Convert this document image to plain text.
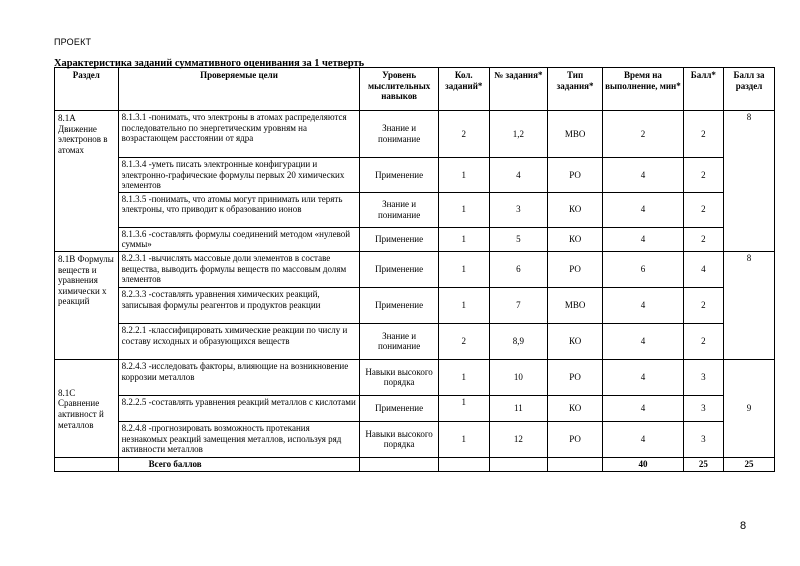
ПРОЕКТ
Характеристика заданий суммативного оценивания за 1 четверть
Раздел	Проверяемые цели	Уровень мыслительных навыков	Кол. заданий*	№ задания*	Тип задания*	Время на выполнение, мин*	Балл*	Балл за раздел
8.1А Движение электронов в атомах	8.1.3.1 -понимать, что электроны в атомах распределяются последовательно по энергетическим уровням на возрастающем расстоянии от ядра	Знание и понимание	2	1,2	МВО	2	2	8
	8.1.3.4 -уметь писать электронные конфигурации и электронно-графические формулы первых 20 химических элементов	Применение	1	4	РО	4	2	
	8.1.3.5 -понимать, что атомы могут принимать или терять электроны, что приводит к образованию ионов	Знание и понимание	1	3	КО	4	2	
	8.1.3.6 -составлять формулы соединений методом «нулевой суммы»	Применение	1	5	КО	4	2	
8.1В Формулы веществ и уравнения химически х реакций	8.2.3.1 -вычислять массовые доли элементов в составе вещества, выводить формулы веществ по массовым долям элементов	Применение	1	6	РО	6	4	8
	8.2.3.3 -составлять уравнения химических реакций, записывая формулы реагентов и продуктов реакции	Применение	1	7	МВО	4	2	
	8.2.2.1 -классифицировать химические реакции по числу и составу исходных и образующихся веществ	Знание и понимание	2	8,9	КО	4	2	
8.1С Сравнение активност й металлов	8.2.4.3 -исследовать факторы, влияющие на возникновение коррозии металлов	Навыки высокого порядка	1	10	РО	4	3	9
	8.2.2.5 -составлять уравнения реакций металлов с кислотами	Применение	1	11	КО	4	3	
	8.2.4.8 -прогнозировать возможность протекания незнакомых реакций замещения металлов, используя ряд активности металлов	Навыки высокого порядка	1	12	РО	4	3	
	Всего баллов					40	25	25
8
